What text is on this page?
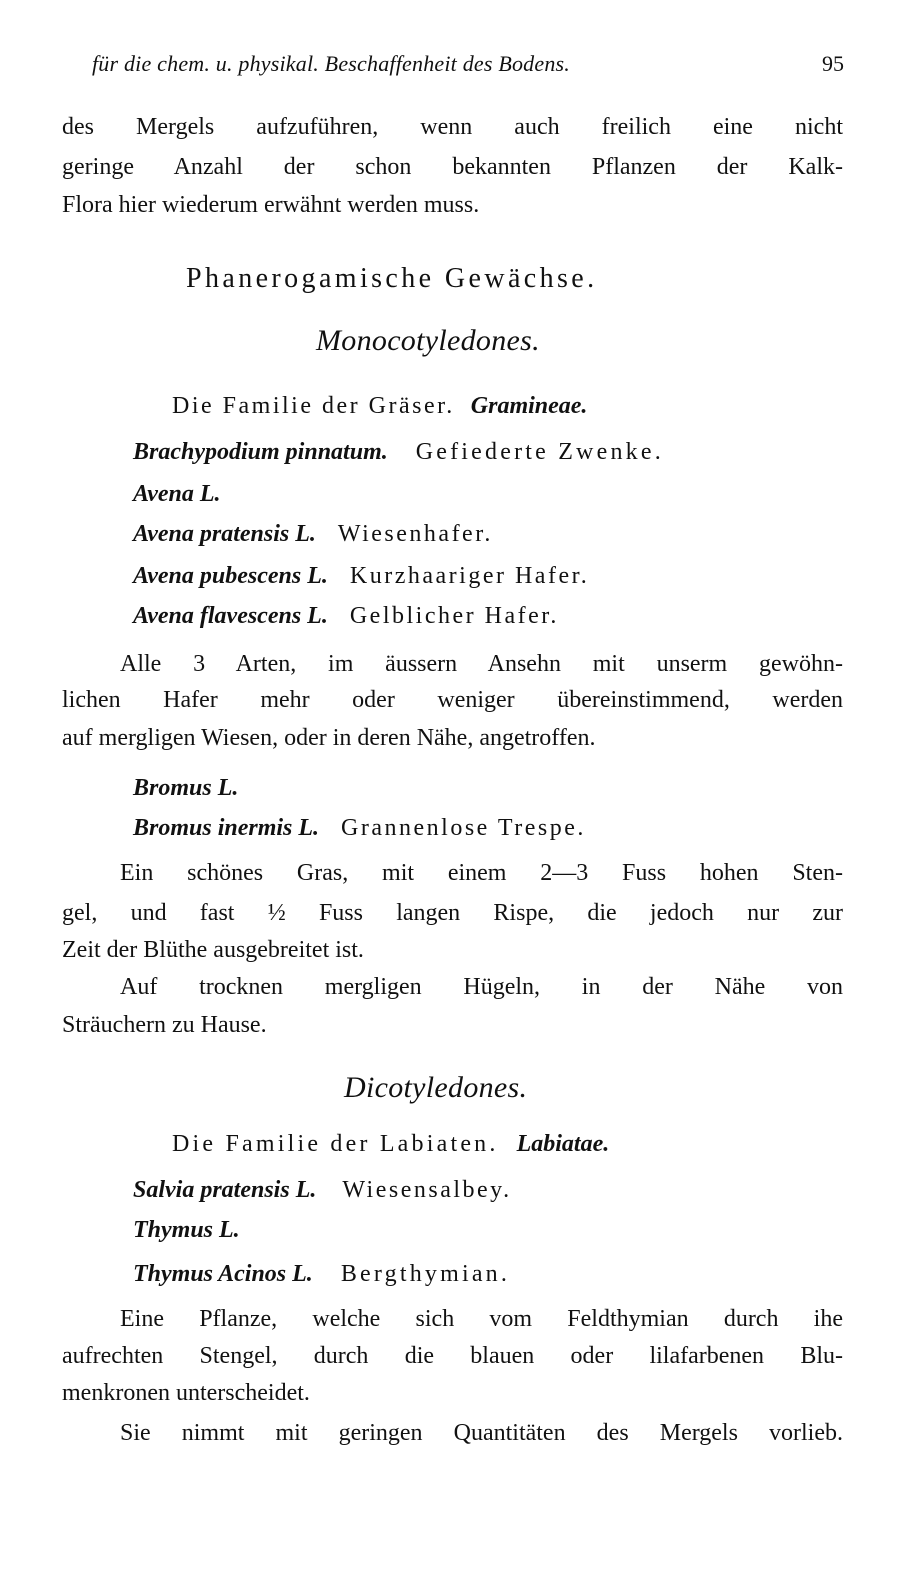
für die chem. u. physikal. Beschaffenheit des Bodens.	95
des Mergels aufzuführen, wenn auch freilich eine nicht
geringe Anzahl der schon bekannten Pflanzen der Kalk-
Flora hier wiederum erwähnt werden muss.
Phanerogamische Gewächse.
Monocotyledones.
Die Familie der Gräser. Gramineae.
Brachypodium pinnatum. Gefiederte Zwenke.
Avena L.
Avena pratensis L. Wiesenhafer.
Avena pubescens L. Kurzhaariger Hafer.
Avena flavescens L. Gelblicher Hafer.
Alle 3 Arten, im äussern Ansehn mit unserm gewöhn-
lichen Hafer mehr oder weniger übereinstimmend, werden
auf mergligen Wiesen, oder in deren Nähe, angetroffen.
Bromus L.
Bromus inermis L. Grannenlose Trespe.
Ein schönes Gras, mit einem 2—3 Fuss hohen Sten-
gel, und fast ½ Fuss langen Rispe, die jedoch nur zur
Zeit der Blüthe ausgebreitet ist.
Auf trocknen mergligen Hügeln, in der Nähe von
Sträuchern zu Hause.
Dicotyledones.
Die Familie der Labiaten. Labiatae.
Salvia pratensis L. Wiesensalbey.
Thymus L.
Thymus Acinos L. Bergthymian.
Eine Pflanze, welche sich vom Feldthymian durch ihe
aufrechten Stengel, durch die blauen oder lilafarbenen Blu-
menkronen unterscheidet.
Sie nimmt mit geringen Quantitäten des Mergels vorlieb.
